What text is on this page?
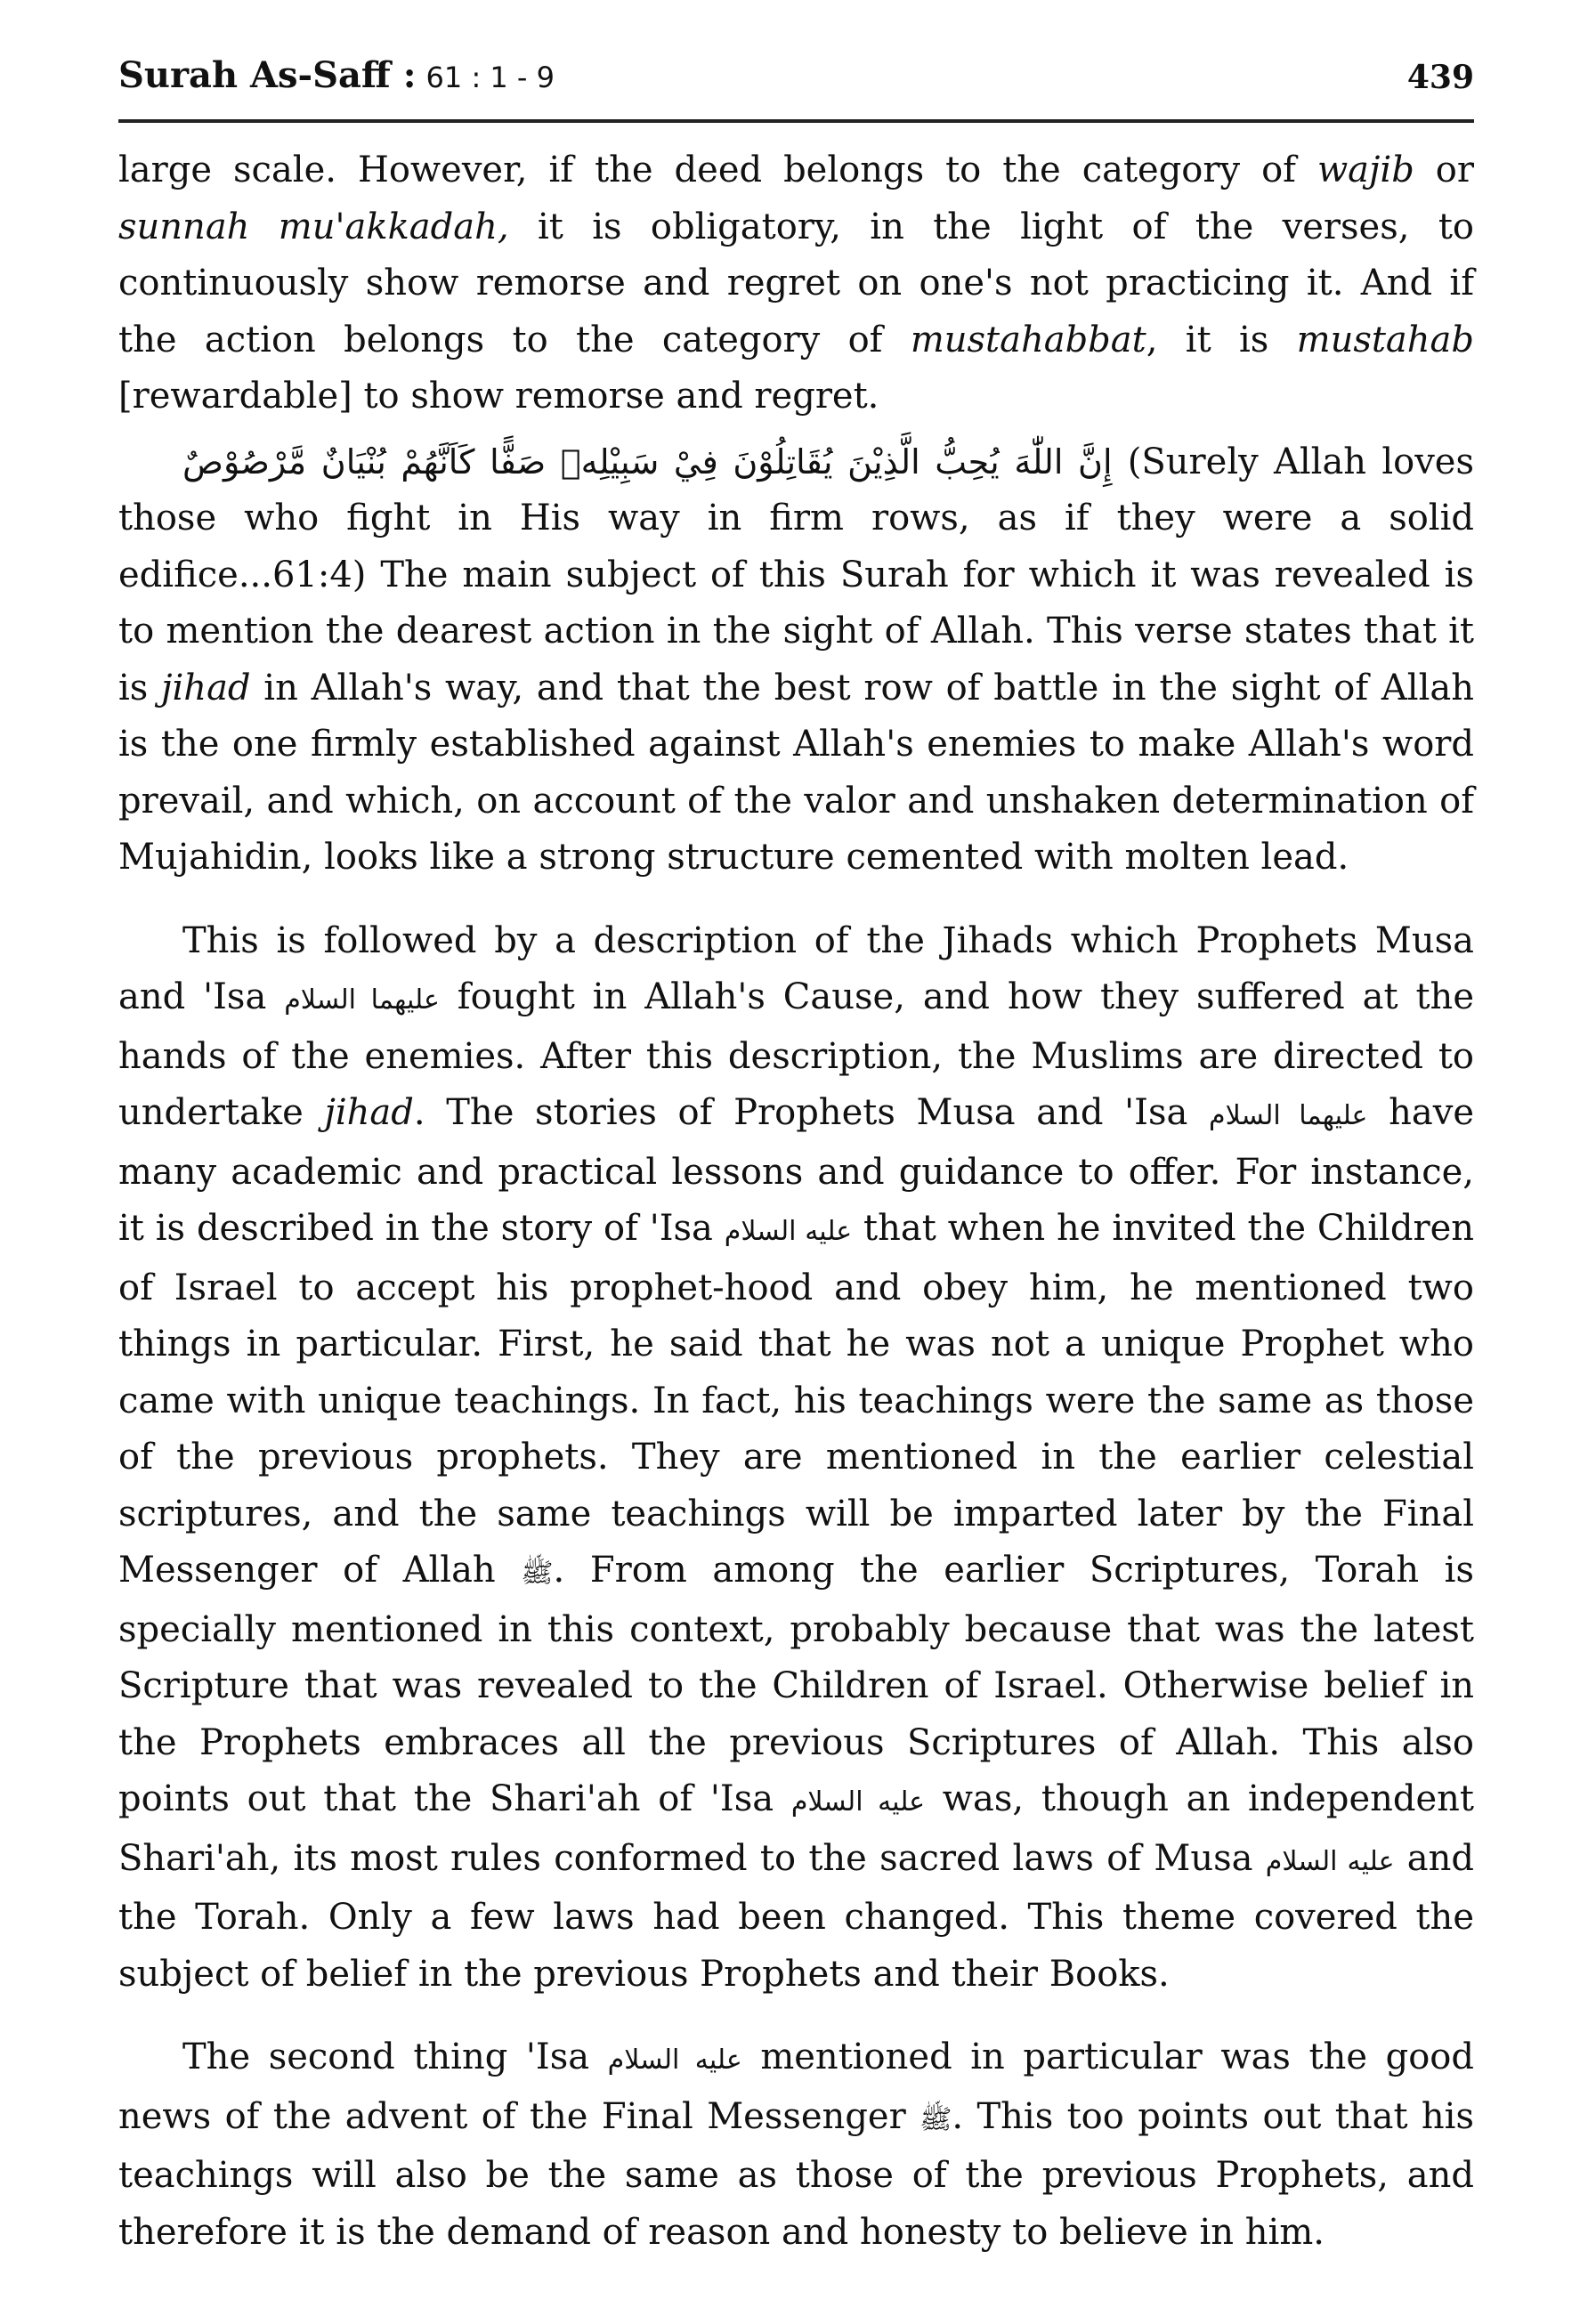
Surah As-Saff : 61 : 1 - 9	439

large scale. However, if the deed belongs to the category of wajib or sunnah mu'akkadah, it is obligatory, in the light of the verses, to continuously show remorse and regret on one's not practicing it. And if the action belongs to the category of mustahabbat, it is mustahab [rewardable] to show remorse and regret.

إِنَّ اللّٰهَ يُحِبُّ الَّذِيْنَ يُقَاتِلُوْنَ فِيْ سَبِيْلِهٖ صَفًّا كَاَنَّهُمْ بُنْيَانٌ مَّرْصُوْصٌ (Surely Allah loves those who fight in His way in firm rows, as if they were a solid edifice...61:4) The main subject of this Surah for which it was revealed is to mention the dearest action in the sight of Allah. This verse states that it is jihad in Allah's way, and that the best row of battle in the sight of Allah is the one firmly established against Allah's enemies to make Allah's word prevail, and which, on account of the valor and unshaken determination of Mujahidin, looks like a strong structure cemented with molten lead.

This is followed by a description of the Jihads which Prophets Musa and 'Isa عليهما السلام fought in Allah's Cause, and how they suffered at the hands of the enemies. After this description, the Muslims are directed to undertake jihad. The stories of Prophets Musa and 'Isa عليهما السلام have many academic and practical lessons and guidance to offer. For instance, it is described in the story of 'Isa عليه السلام that when he invited the Children of Israel to accept his prophet-hood and obey him, he mentioned two things in particular. First, he said that he was not a unique Prophet who came with unique teachings. In fact, his teachings were the same as those of the previous prophets. They are mentioned in the earlier celestial scriptures, and the same teachings will be imparted later by the Final Messenger of Allah ﷺ. From among the earlier Scriptures, Torah is specially mentioned in this context, probably because that was the latest Scripture that was revealed to the Children of Israel. Otherwise belief in the Prophets embraces all the previous Scriptures of Allah. This also points out that the Shari'ah of 'Isa عليه السلام was, though an independent Shari'ah, its most rules conformed to the sacred laws of Musa عليه السلام and the Torah. Only a few laws had been changed. This theme covered the subject of belief in the previous Prophets and their Books.

The second thing 'Isa عليه السلام mentioned in particular was the good news of the advent of the Final Messenger ﷺ. This too points out that his teachings will also be the same as those of the previous Prophets, and therefore it is the demand of reason and honesty to believe in him.
